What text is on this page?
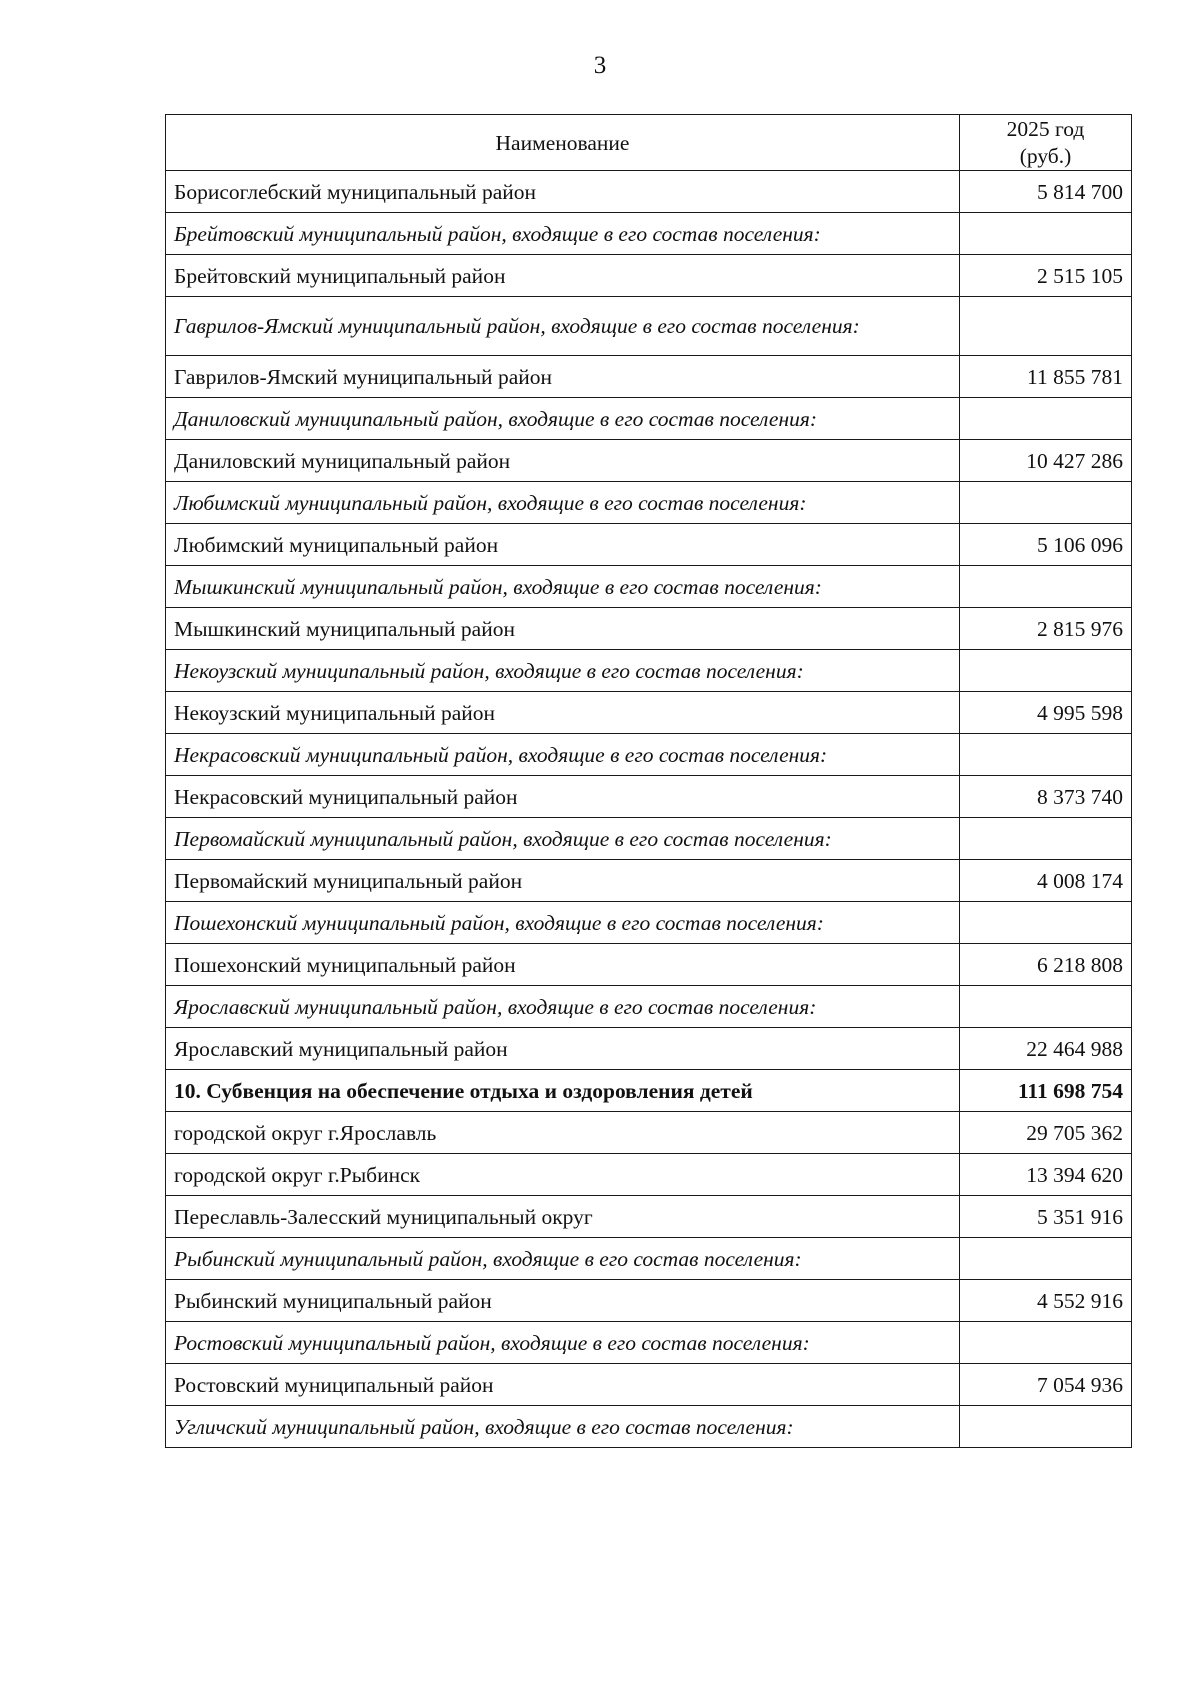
3
Наименование	2025 год
(руб.)
Борисоглебский муниципальный район	5 814 700
Брейтовский муниципальный район, входящие в его состав поселения:	
Брейтовский муниципальный район	2 515 105
Гаврилов-Ямский муниципальный район, входящие в его состав поселения:	
Гаврилов-Ямский муниципальный район	11 855 781
Даниловский муниципальный район, входящие в его состав поселения:	
Даниловский муниципальный район	10 427 286
Любимский муниципальный район, входящие в его состав поселения:	
Любимский муниципальный район	5 106 096
Мышкинский муниципальный район, входящие в его состав поселения:	
Мышкинский муниципальный район	2 815 976
Некоузский муниципальный район, входящие в его состав поселения:	
Некоузский муниципальный район	4 995 598
Некрасовский муниципальный район, входящие в его состав поселения:	
Некрасовский муниципальный район	8 373 740
Первомайский муниципальный район, входящие в его состав поселения:	
Первомайский муниципальный район	4 008 174
Пошехонский муниципальный район, входящие в его состав поселения:	
Пошехонский муниципальный район	6 218 808
Ярославский муниципальный район, входящие в его состав поселения:	
Ярославский муниципальный район	22 464 988
10. Субвенция на обеспечение отдыха и оздоровления детей	111 698 754
городской округ г.Ярославль	29 705 362
городской округ г.Рыбинск	13 394 620
Переславль-Залесский муниципальный округ	5 351 916
Рыбинский муниципальный район, входящие в его состав поселения:	
Рыбинский муниципальный район	4 552 916
Ростовский муниципальный район, входящие в его состав поселения:	
Ростовский муниципальный район	7 054 936
Угличский муниципальный район, входящие в его состав поселения:	
